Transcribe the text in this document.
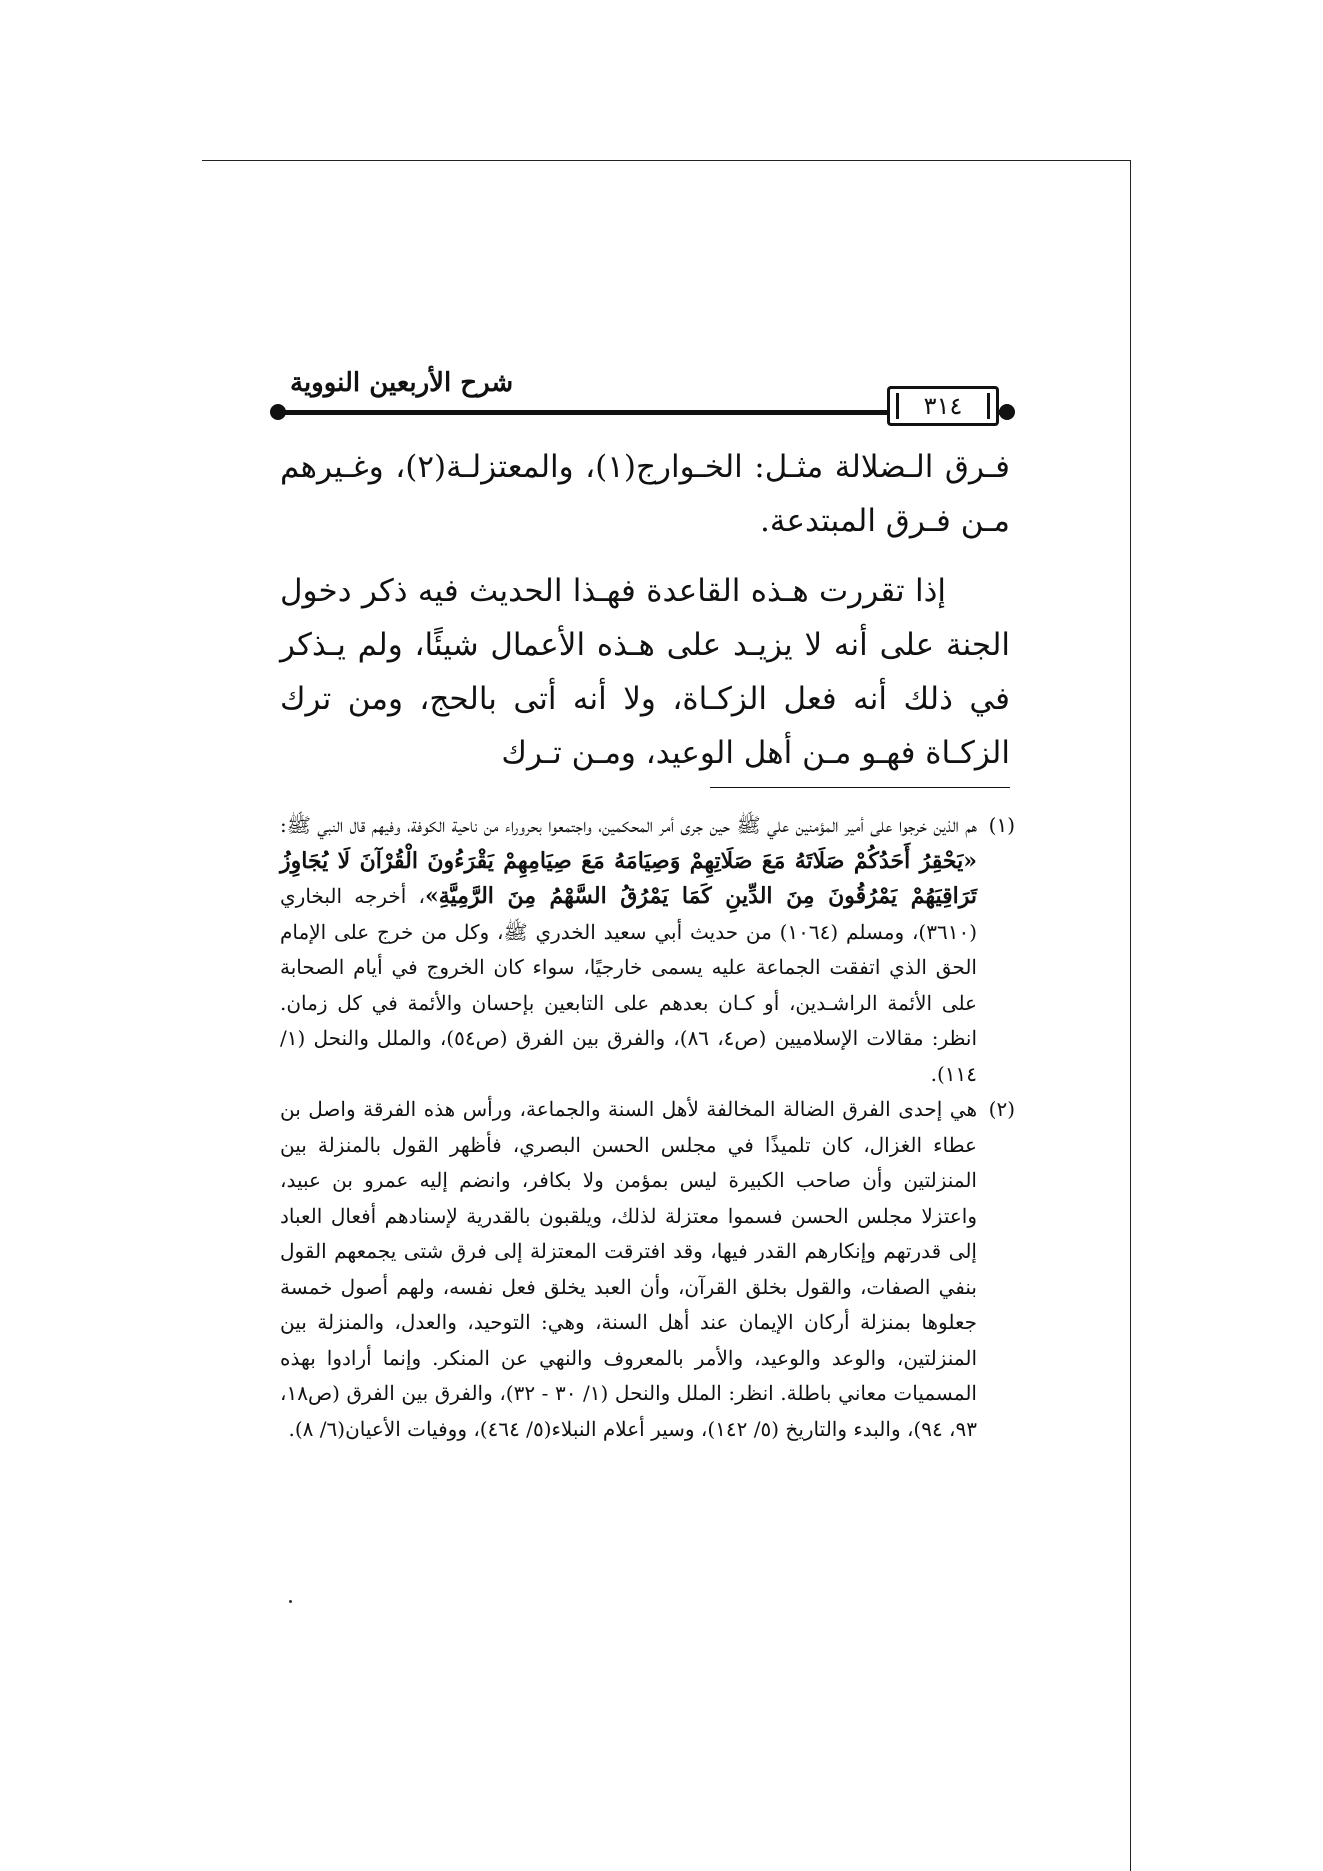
شرح الأربعين النووية
٣١٤

فـرق الـضلالة مثـل: الخـوارج(١)، والمعتزلـة(٢)، وغـيرهم مـن فـرق المبتدعة.

إذا تقررت هـذه القاعدة فهـذا الحديث فيه ذكر دخول الجنة على أنه لا يزيـد على هـذه الأعمال شيئًا، ولم يـذكر في ذلك أنه فعل الزكـاة، ولا أنه أتى بالحج، ومن ترك الزكـاة فهـو مـن أهل الوعيد، ومـن تـرك

(١)
هم الذين خرجوا على أمير المؤمنين علي ﷺ حين جرى أمر المحكمين، واجتمعوا بحروراء من ناحية الكوفة، وفيهم قال النبي ﷺ: «يَحْقِرُ أَحَدُكُمْ صَلَاتَهُ مَعَ صَلَاتِهِمْ وَصِيَامَهُ مَعَ صِيَامِهِمْ يَقْرَءُونَ الْقُرْآنَ لَا يُجَاوِزُ تَرَاقِيَهُمْ يَمْرُقُونَ مِنَ الدِّينِ كَمَا يَمْرُقُ السَّهْمُ مِنَ الرَّمِيَّةِ»، أخرجه البخاري (٣٦١٠)، ومسلم (١٠٦٤) من حديث أبي سعيد الخدري ﷺ، وكل من خرج على الإمام الحق الذي اتفقت الجماعة عليه يسمى خارجيًا، سواء كان الخروج في أيام الصحابة على الأئمة الراشـدين، أو كـان بعدهم على التابعين بإحسان والأئمة في كل زمان. انظر: مقالات الإسلاميين (ص٤، ٨٦)، والفرق بين الفرق (ص٥٤)، والملل والنحل (١/ ١١٤).

(٢)
هي إحدى الفرق الضالة المخالفة لأهل السنة والجماعة، ورأس هذه الفرقة واصل بن عطاء الغزال، كان تلميذًا في مجلس الحسن البصري، فأظهر القول بالمنزلة بين المنزلتين وأن صاحب الكبيرة ليس بمؤمن ولا بكافر، وانضم إليه عمرو بن عبيد، واعتزلا مجلس الحسن فسموا معتزلة لذلك، ويلقبون بالقدرية لإسنادهم أفعال العباد إلى قدرتهم وإنكارهم القدر فيها، وقد افترقت المعتزلة إلى فرق شتى يجمعهم القول بنفي الصفات، والقول بخلق القرآن، وأن العبد يخلق فعل نفسه، ولهم أصول خمسة جعلوها بمنزلة أركان الإيمان عند أهل السنة، وهي: التوحيد، والعدل، والمنزلة بين المنزلتين، والوعد والوعيد، والأمر بالمعروف والنهي عن المنكر. وإنما أرادوا بهذه المسميات معاني باطلة. انظر: الملل والنحل (١/ ٣٠ - ٣٢)، والفرق بين الفرق (ص١٨، ٩٣، ٩٤)، والبدء والتاريخ (٥/ ١٤٢)، وسير أعلام النبلاء(٥/ ٤٦٤)، ووفيات الأعيان(٦/ ٨).
